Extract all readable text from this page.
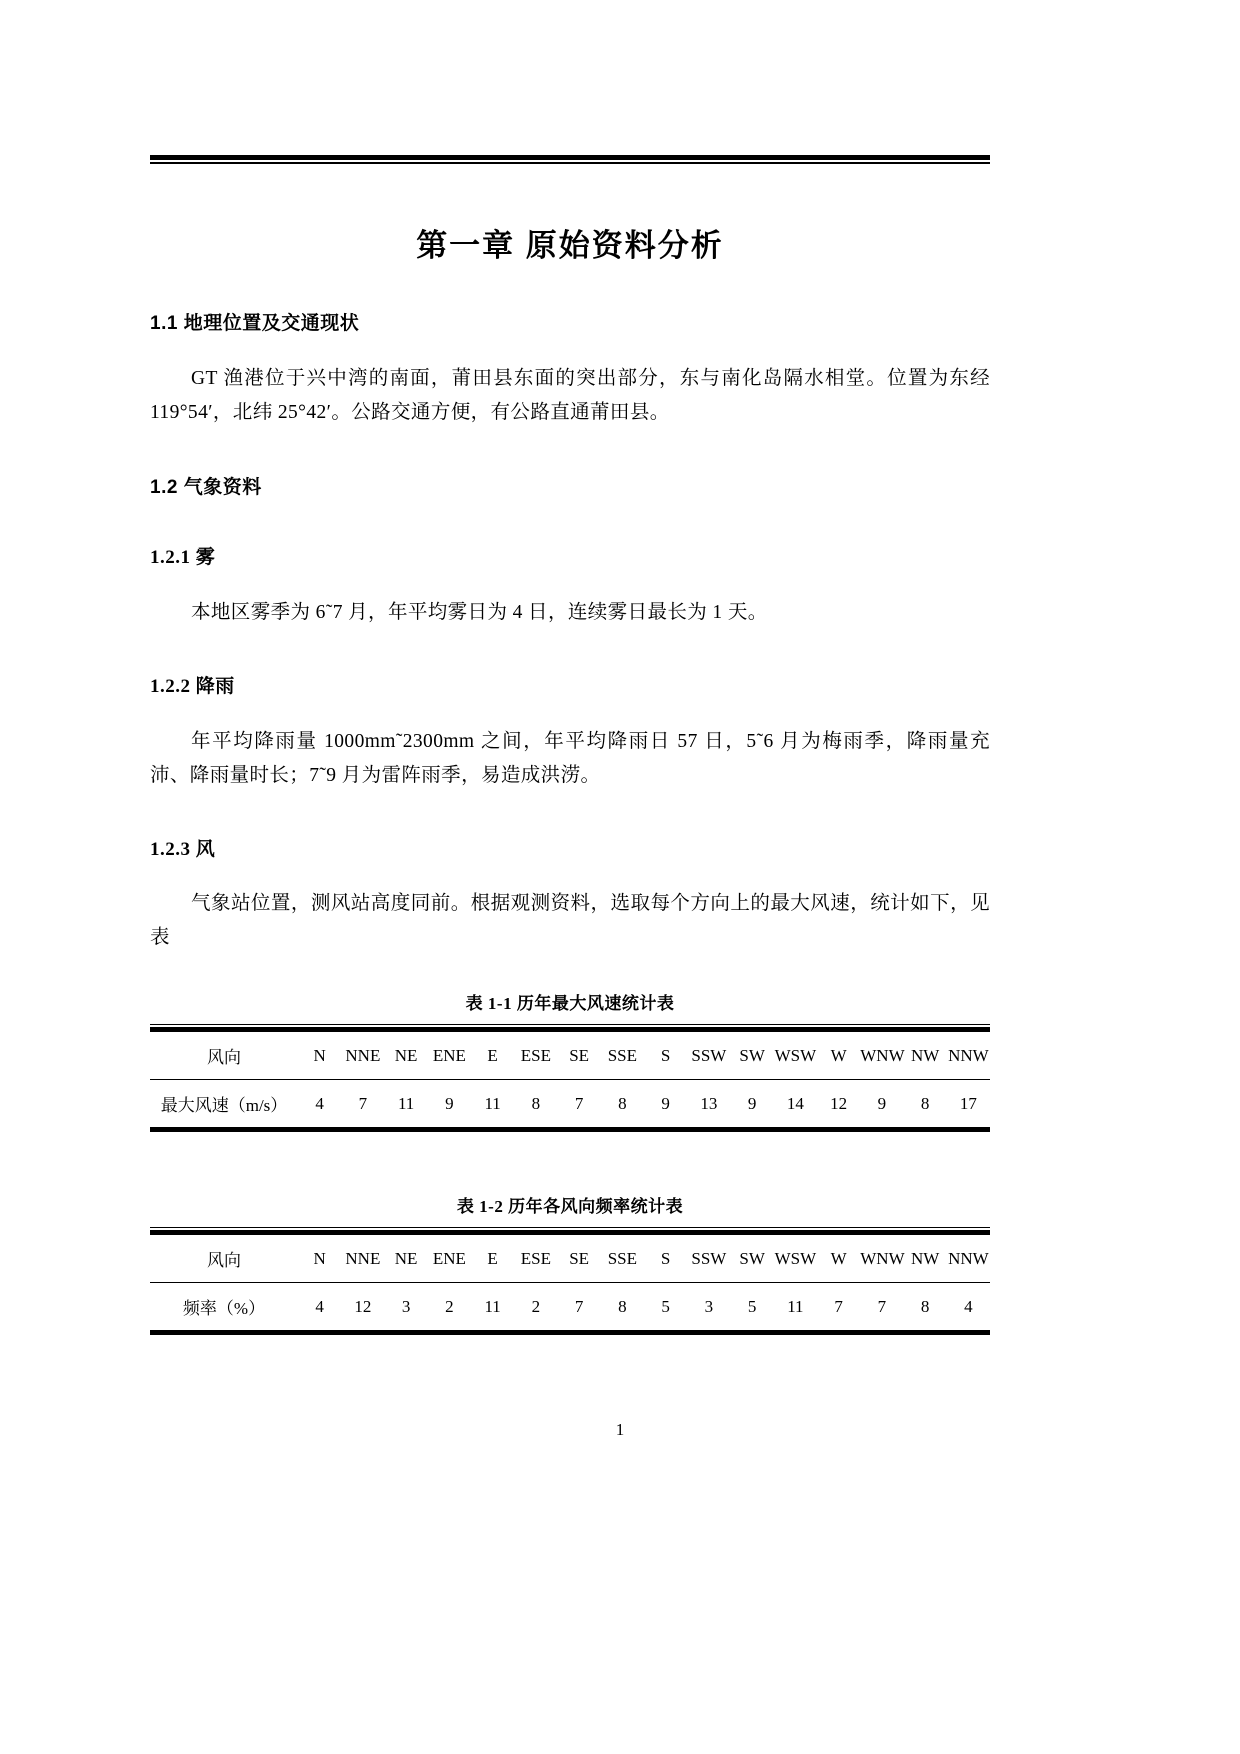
第一章 原始资料分析
1.1 地理位置及交通现状

GT 渔港位于兴中湾的南面，莆田县东面的突出部分，东与南化岛隔水相堂。位置为东经 119°54′，北纬 25°42′。公路交通方便，有公路直通莆田县。

1.2 气象资料
1.2.1 雾

本地区雾季为 6˜7 月，年平均雾日为 4 日，连续雾日最长为 1 天。

1.2.2 降雨

年平均降雨量 1000mm˜2300mm 之间，年平均降雨日 57 日，5˜6 月为梅雨季，降雨量充沛、降雨量时长；7˜9 月为雷阵雨季，易造成洪涝。

1.2.3 风

气象站位置，测风站高度同前。根据观测资料，选取每个方向上的最大风速，统计如下，见表

表 1-1 历年最大风速统计表
风向	N	NNE	NE	ENE	E	ESE	SE	SSE	S	SSW	SW	WSW	W	WNW	NW	NNW
最大风速（m/s）	4	7	11	9	11	8	7	8	9	13	9	14	12	9	8	17
表 1-2 历年各风向频率统计表
风向	N	NNE	NE	ENE	E	ESE	SE	SSE	S	SSW	SW	WSW	W	WNW	NW	NNW
频率（%）	4	12	3	2	11	2	7	8	5	3	5	11	7	7	8	4
1
